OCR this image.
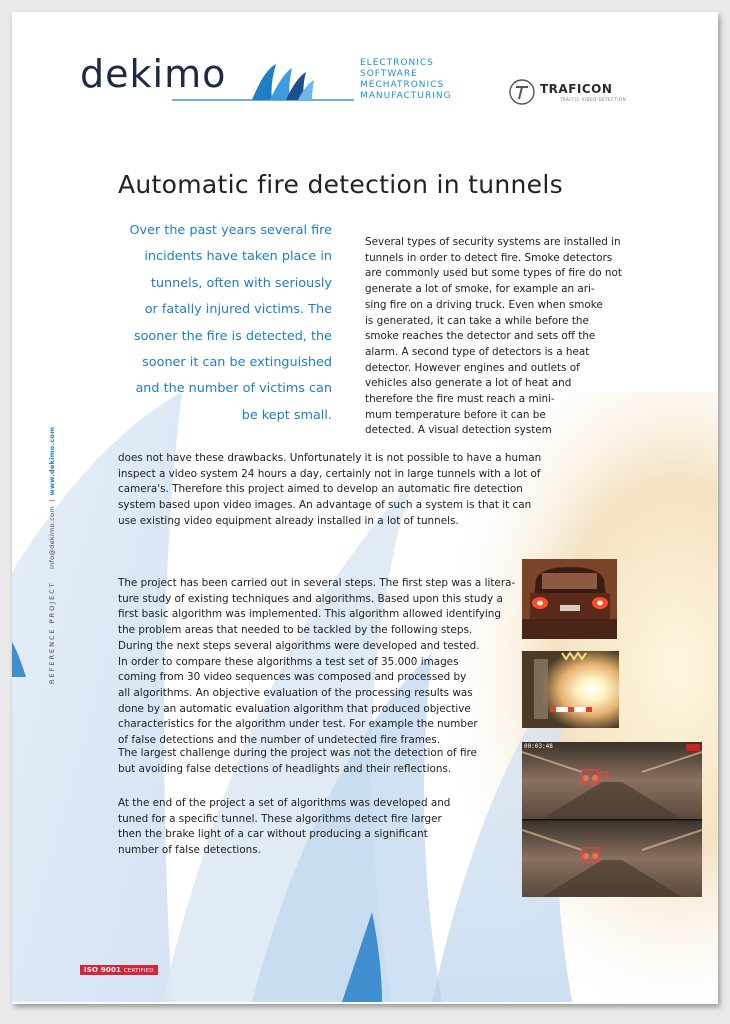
dekimo	ELECTRONICS
SOFTWARE
MECHATRONICS
MANUFACTURING	TRAFICON
TRAFFIC VIDEO DETECTION
Automatic fire detection in tunnels
Over the past years several fire
incidents have taken place in
tunnels, often with seriously
or fatally injured victims. The
sooner the fire is detected, the
sooner it can be extinguished
and the number of victims can
be kept small.
Several types of security systems are installed in
tunnels in order to detect fire. Smoke detectors
are commonly used but some types of fire do not
generate a lot of smoke, for example an ari-
sing fire on a driving truck. Even when smoke
is generated, it can take a while before the
smoke reaches the detector and sets off the
alarm. A second type of detectors is a heat
detector. However engines and outlets of
vehicles also generate a lot of heat and
therefore the fire must reach a mini-
mum temperature before it can be
detected. A visual detection system
does not have these drawbacks. Unfortunately it is not possible to have a human
inspect a video system 24 hours a day, certainly not in large tunnels with a lot of
camera's. Therefore this project aimed to develop an automatic fire detection
system based upon video images. An advantage of such a system is that it can
use existing video equipment already installed in a lot of tunnels.
The project has been carried out in several steps. The first step was a litera-
ture study of existing techniques and algorithms. Based upon this study a
first basic algorithm was implemented. This algorithm allowed identifying
the problem areas that needed to be tackled by the following steps.
During the next steps several algorithms were developed and tested.
In order to compare these algorithms a test set of 35.000 images
coming from 30 video sequences was composed and processed by
all algorithms. An objective evaluation of the processing results was
done by an automatic evaluation algorithm that produced objective
characteristics for the algorithm under test. For example the number
of false detections and the number of undetected fire frames.
The largest challenge during the project was not the detection of fire
but avoiding false detections of headlights and their reflections.
At the end of the project a set of algorithms was developed and
tuned for a specific tunnel. These algorithms detect fire larger
then the brake light of a car without producing a significant
number of false detections.
REFERENCE PROJECT   info@dekimo.com | www.dekimo.com
00:03:48
ISO 9001 CERTIFIED
